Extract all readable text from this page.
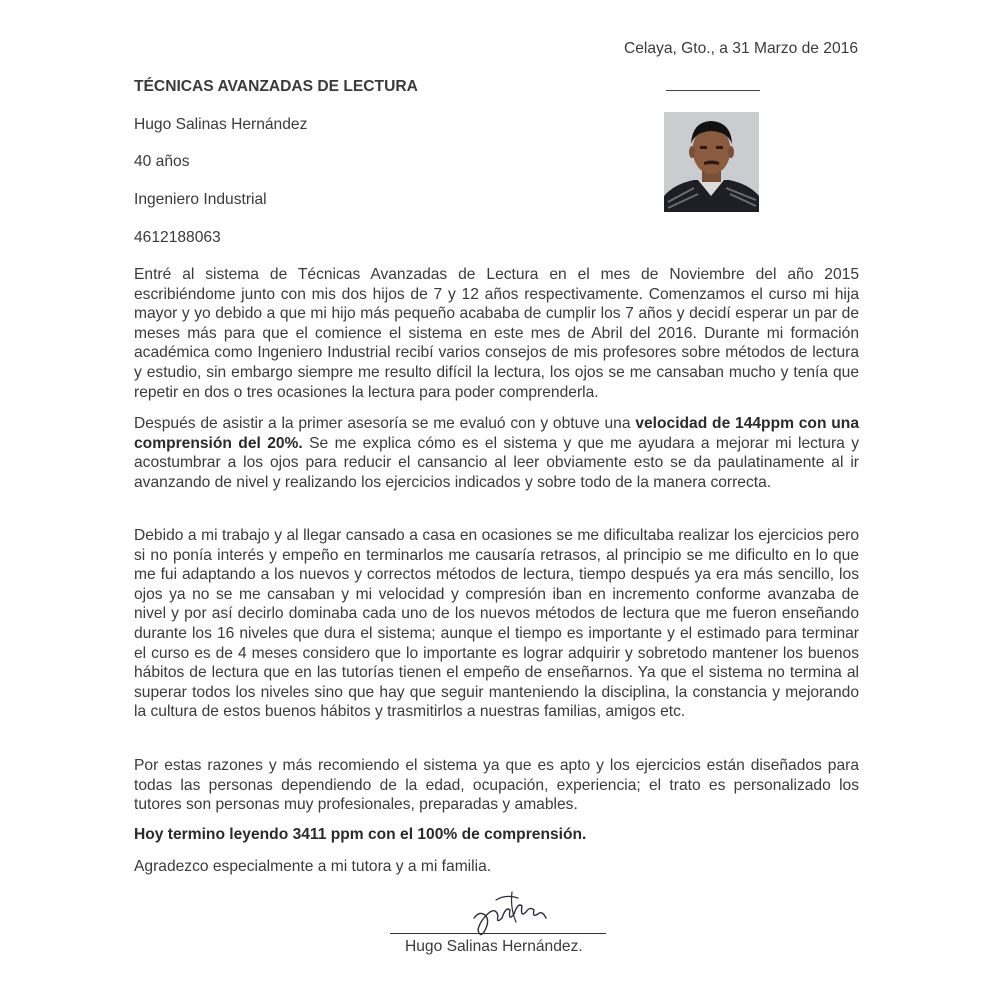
Celaya, Gto., a 31 Marzo de 2016
TÉCNICAS AVANZADAS DE LECTURA
Hugo Salinas Hernández
40 años
Ingeniero Industrial
4612188063

Entré al sistema de Técnicas Avanzadas de Lectura en el mes de Noviembre del año 2015 escribiéndome junto con mis dos hijos de 7 y 12 años respectivamente. Comenzamos el curso mi hija mayor y yo debido a que mi hijo más pequeño acababa de cumplir los 7 años y decidí esperar un par de meses más para que el comience el sistema en este mes de Abril del 2016. Durante mi formación académica como Ingeniero Industrial recibí varios consejos de mis profesores sobre métodos de lectura y estudio, sin embargo siempre me resulto difícil la lectura, los ojos se me cansaban mucho y tenía que repetir en dos o tres ocasiones la lectura para poder comprenderla.

Después de asistir a la primer asesoría se me evaluó con y obtuve una velocidad de 144ppm con una comprensión del 20%. Se me explica cómo es el sistema y que me ayudara a mejorar mi lectura y acostumbrar a los ojos para reducir el cansancio al leer obviamente esto se da paulatinamente al ir avanzando de nivel y realizando los ejercicios indicados y sobre todo de la manera correcta.

Debido a mi trabajo y al llegar cansado a casa en ocasiones se me dificultaba realizar los ejercicios pero si no ponía interés y empeño en terminarlos me causaría retrasos, al principio se me dificulto en lo que me fui adaptando a los nuevos y correctos métodos de lectura, tiempo después ya era más sencillo, los ojos ya no se me cansaban y mi velocidad y compresión iban en incremento conforme avanzaba de nivel y por así decirlo dominaba cada uno de los nuevos métodos de lectura que me fueron enseñando durante los 16 niveles que dura el sistema; aunque el tiempo es importante y el estimado para terminar el curso es de 4 meses considero que lo importante es lograr adquirir y sobretodo mantener los buenos hábitos de lectura que en las tutorías tienen el empeño de enseñarnos. Ya que el sistema no termina al superar todos los niveles sino que hay que seguir manteniendo la disciplina, la constancia y mejorando la cultura de estos buenos hábitos y trasmitirlos a nuestras familias, amigos etc.

Por estas razones y más recomiendo el sistema ya que es apto y los ejercicios están diseñados para todas las personas dependiendo de la edad, ocupación, experiencia; el trato es personalizado los tutores son personas muy profesionales, preparadas y amables.

Hoy termino leyendo 3411 ppm con el 100% de comprensión.

Agradezco especialmente a mi tutora y a mi familia.

Hugo Salinas Hernández.
